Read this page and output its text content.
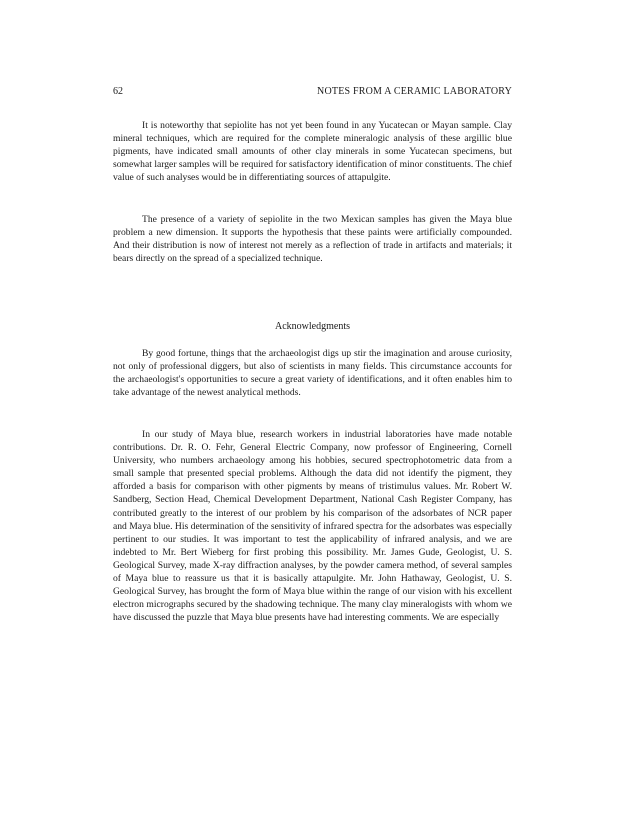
62	NOTES FROM A CERAMIC LABORATORY

It is noteworthy that sepiolite has not yet been found in any Yucatecan or Mayan sample. Clay mineral techniques, which are required for the complete mineralogic analysis of these argillic blue pigments, have indicated small amounts of other clay minerals in some Yucatecan specimens, but somewhat larger samples will be required for satisfactory identification of minor constituents. The chief value of such analyses would be in differentiating sources of attapulgite.

The presence of a variety of sepiolite in the two Mexican samples has given the Maya blue problem a new dimension. It supports the hypothesis that these paints were artificially compounded. And their distribution is now of interest not merely as a reflection of trade in artifacts and materials; it bears directly on the spread of a specialized technique.

Acknowledgments

By good fortune, things that the archaeologist digs up stir the imagination and arouse curiosity, not only of professional diggers, but also of scientists in many fields. This circumstance accounts for the archaeologist's opportunities to secure a great variety of identifications, and it often enables him to take advantage of the newest analytical methods.

In our study of Maya blue, research workers in industrial laboratories have made notable contributions. Dr. R. O. Fehr, General Electric Company, now professor of Engineering, Cornell University, who numbers archaeology among his hobbies, secured spectrophotometric data from a small sample that presented special problems. Although the data did not identify the pigment, they afforded a basis for comparison with other pigments by means of tristimulus values. Mr. Robert W. Sandberg, Section Head, Chemical Development Department, National Cash Register Company, has contributed greatly to the interest of our problem by his comparison of the adsorbates of NCR paper and Maya blue. His determination of the sensitivity of infrared spectra for the adsorbates was especially pertinent to our studies. It was important to test the applicability of infrared analysis, and we are indebted to Mr. Bert Wieberg for first probing this possibility. Mr. James Gude, Geologist, U. S. Geological Survey, made X-ray diffraction analyses, by the powder camera method, of several samples of Maya blue to reassure us that it is basically attapulgite. Mr. John Hathaway, Geologist, U. S. Geological Survey, has brought the form of Maya blue within the range of our vision with his excellent electron micrographs secured by the shadowing technique. The many clay mineralogists with whom we have discussed the puzzle that Maya blue presents have had interesting comments. We are especially
